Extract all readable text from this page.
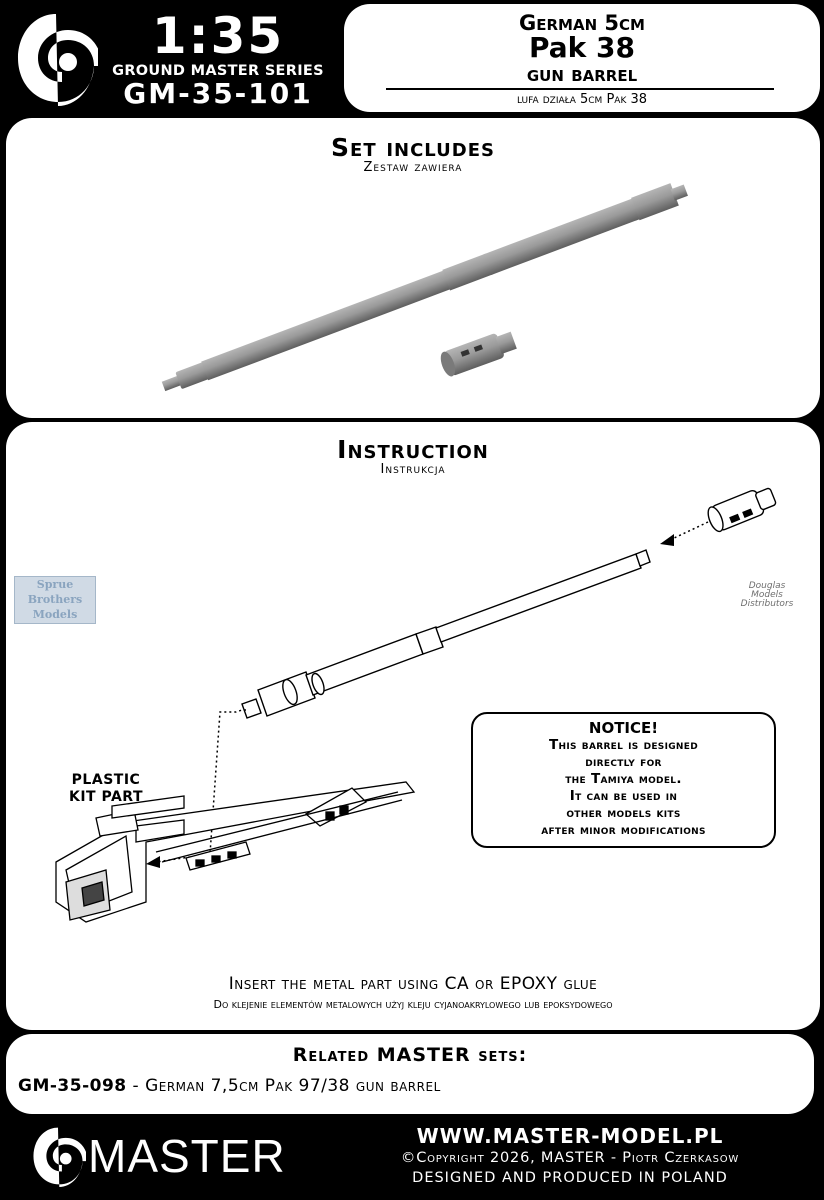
1:35
GROUND MASTER SERIES
GM-35-101
German 5cm
Pak 38
gun barrel
lufa działa 5cm Pak 38
Set includes
Zestaw zawiera
Instruction
Instrukcja
PLASTIC
KIT PART
NOTICE!
This barrel is designed
directly for
the Tamiya model.
It can be used in
other models kits
after minor modifications
Sprue
Brothers
Models
Douglas
Models
Distributors
Insert the metal part using CA or EPOXY glue
Do klejenie elementów metalowych użyj kleju cyjanoakrylowego lub epoksydowego
Related MASTER sets:
GM-35-098 - German 7,5cm Pak 97/38 gun barrel
MASTER	WWW.MASTER-MODEL.PL
©Copyright 2026, MASTER - Piotr Czerkasow
DESIGNED AND PRODUCED IN POLAND
